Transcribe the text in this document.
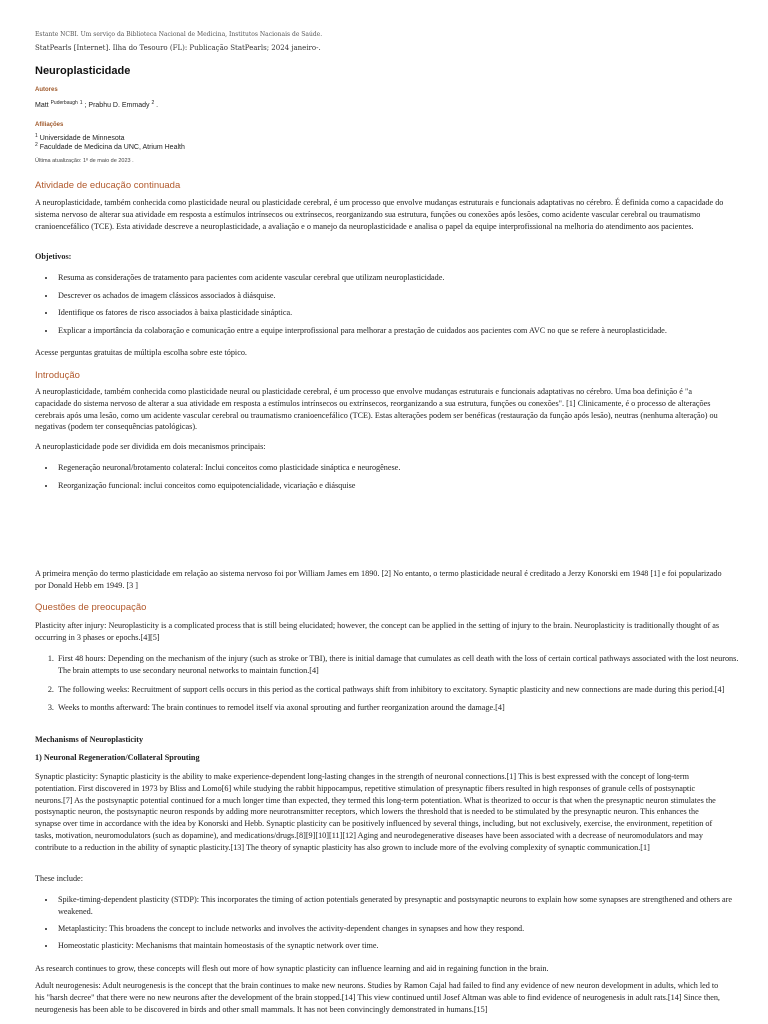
Estante NCBI. Um serviço da Biblioteca Nacional de Medicina, Institutos Nacionais de Saúde.
StatPearls [Internet]. Ilha do Tesouro (FL): Publicação StatPearls; 2024 janeiro-.
Neuroplasticidade
Autores
Matt $^{Puderbaugh}$ $^1$ ; Prabhu D. Emmady $^2$ .
Afiliações
$^1$ Universidade de Minnesota
$^2$ Faculdade de Medicina da UNC, Atrium Health
Última atualização: 1º de maio de 2023 .
Atividade de educação continuada
A neuroplasticidade, também conhecida como plasticidade neural ou plasticidade cerebral, é um processo que envolve mudanças estruturais e funcionais adaptativas no cérebro. É definida como a capacidade do sistema nervoso de alterar sua atividade em resposta a estímulos intrínsecos ou extrínsecos, reorganizando sua estrutura, funções ou conexões após lesões, como acidente vascular cerebral ou traumatismo cranioencefálico (TCE). Esta atividade descreve a neuroplasticidade, a avaliação e o manejo da neuroplasticidade e analisa o papel da equipe interprofissional na melhoria do atendimento aos pacientes.
Objetivos:
• Resuma as considerações de tratamento para pacientes com acidente vascular cerebral que utilizam neuroplasticidade.
• Descrever os achados de imagem clássicos associados à diásquise.
• Identifique os fatores de risco associados à baixa plasticidade sináptica.
• Explicar a importância da colaboração e comunicação entre a equipe interprofissional para melhorar a prestação de cuidados aos pacientes com AVC no que se refere à neuroplasticidade.
Acesse perguntas gratuitas de múltipla escolha sobre este tópico.
Introdução
A neuroplasticidade, também conhecida como plasticidade neural ou plasticidade cerebral, é um processo que envolve mudanças estruturais e funcionais adaptativas no cérebro. Uma boa definição é "a capacidade do sistema nervoso de alterar a sua atividade em resposta a estímulos intrínsecos ou extrínsecos, reorganizando a sua estrutura, funções ou conexões". [1] Clinicamente, é o processo de alterações cerebrais após uma lesão, como um acidente vascular cerebral ou traumatismo cranioencefálico (TCE). Estas alterações podem ser benéficas (restauração da função após lesão), neutras (nenhuma alteração) ou negativas (podem ter consequências patológicas).
A neuroplasticidade pode ser dividida em dois mecanismos principais:
• Regeneração neuronal/brotamento colateral: Inclui conceitos como plasticidade sináptica e neurogênese.
• Reorganização funcional: inclui conceitos como equipotencialidade, vicariação e diásquise
A primeira menção do termo plasticidade em relação ao sistema nervoso foi por William James em 1890. [2] No entanto, o termo plasticidade neural é creditado a Jerzy Konorski em 1948 [1] e foi popularizado por Donald Hebb em 1949. [3 ]
Questões de preocupação
Plasticity after injury: Neuroplasticity is a complicated process that is still being elucidated; however, the concept can be applied in the setting of injury to the brain. Neuroplasticity is traditionally thought of as occurring in 3 phases or epochs.[4][5]
1. First 48 hours: Depending on the mechanism of the injury (such as stroke or TBI), there is initial damage that cumulates as cell death with the loss of certain cortical pathways associated with the lost neurons. The brain attempts to use secondary neuronal networks to maintain function.[4]
2. The following weeks: Recruitment of support cells occurs in this period as the cortical pathways shift from inhibitory to excitatory. Synaptic plasticity and new connections are made during this period.[4]
3. Weeks to months afterward: The brain continues to remodel itself via axonal sprouting and further reorganization around the damage.[4]
Mechanisms of Neuroplasticity
1) Neuronal Regeneration/Collateral Sprouting
Synaptic plasticity: Synaptic plasticity is the ability to make experience-dependent long-lasting changes in the strength of neuronal connections.[1] This is best expressed with the concept of long-term potentiation. First discovered in 1973 by Bliss and Lomo[6] while studying the rabbit hippocampus, repetitive stimulation of presynaptic fibers resulted in high responses of granule cells of postsynaptic neurons.[7] As the postsynaptic potential continued for a much longer time than expected, they termed this long-term potentiation. What is theorized to occur is that when the presynaptic neuron stimulates the postsynaptic neuron, the postsynaptic neuron responds by adding more neurotransmitter receptors, which lowers the threshold that is needed to be stimulated by the presynaptic neuron. This enhances the synapse over time in accordance with the idea by Konorski and Hebb. Synaptic plasticity can be positively influenced by several things, including, but not exclusively, exercise, the environment, repetition of tasks, motivation, neuromodulators (such as dopamine), and medications/drugs.[8][9][10][11][12] Aging and neurodegenerative diseases have been associated with a decrease of neuromodulators and may contribute to a reduction in the ability of synaptic plasticity.[13] The theory of synaptic plasticity has also grown to include more of the evolving complexity of synaptic communication.[1]
These include:
• Spike-timing-dependent plasticity (STDP): This incorporates the timing of action potentials generated by presynaptic and postsynaptic neurons to explain how some synapses are strengthened and others are weakened.
• Metaplasticity: This broadens the concept to include networks and involves the activity-dependent changes in synapses and how they respond.
• Homeostatic plasticity: Mechanisms that maintain homeostasis of the synaptic network over time.
As research continues to grow, these concepts will flesh out more of how synaptic plasticity can influence learning and aid in regaining function in the brain.
Adult neurogenesis: Adult neurogenesis is the concept that the brain continues to make new neurons. Studies by Ramon Cajal had failed to find any evidence of new neuron development in adults, which led to his "harsh decree" that there were no new neurons after the development of the brain stopped.[14] This view continued until Josef Altman was able to find evidence of neurogenesis in adult rats.[14] Since then, neurogenesis has been able to be discovered in birds and other small mammals. It has not been convincingly demonstrated in humans.[15]
